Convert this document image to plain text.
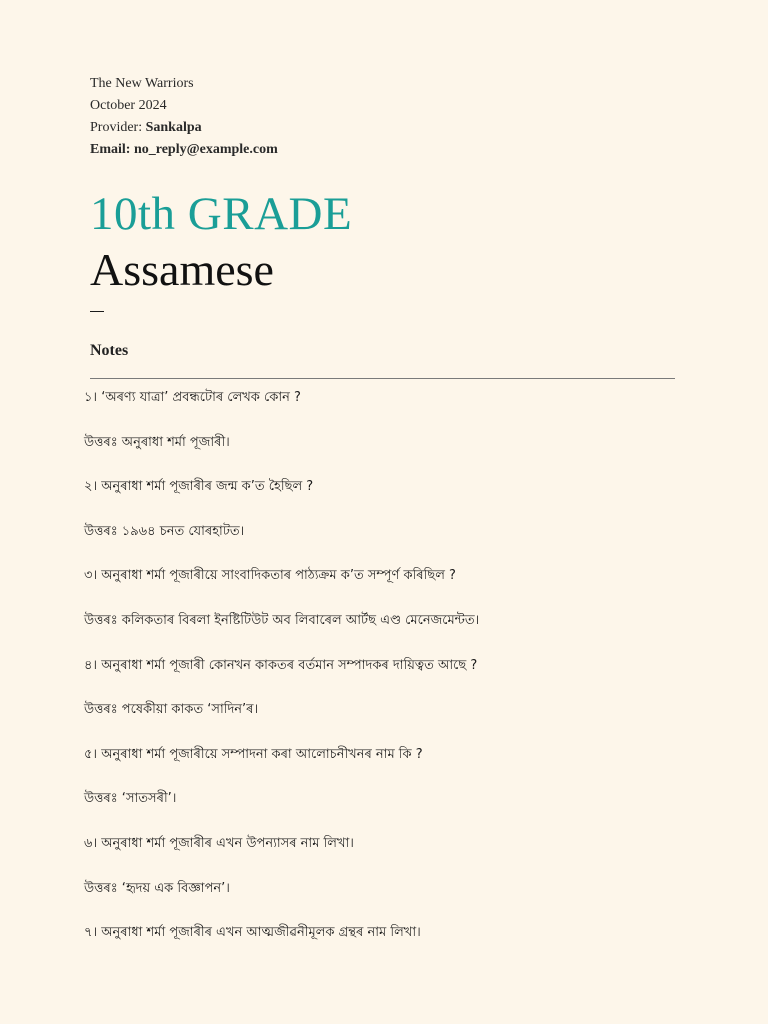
The New Warriors
October 2024
Provider: Sankalpa
Email: no_reply@example.com
10th GRADE
Assamese
Notes
১। ‘অৰণ্য যাত্ৰা’ প্ৰবন্ধটোৰ লেখক কোন ?
উত্তৰঃ অনুৰাধা শৰ্মা পূজাৰী।
২। অনুৰাধা শৰ্মা পূজাৰীৰ জন্ম ক’ত হৈছিল ?
উত্তৰঃ ১৯৬৪ চনত যোৰহাটত।
৩। অনুৰাধা শৰ্মা পূজাৰীয়ে সাংবাদিকতাৰ পাঠ্যক্ৰম ক’ত সম্পূৰ্ণ কৰিছিল ?
উত্তৰঃ কলিকতাৰ বিৰলা ইনষ্টিটিউট অব লিবাৰেল আৰ্টছ এণ্ড মেনেজমেন্টত।
৪। অনুৰাধা শৰ্মা পূজাৰী কোনখন কাকতৰ বৰ্তমান সম্পাদকৰ দায়িত্বত আছে ?
উত্তৰঃ পষেকীয়া কাকত ‘সাদিন’ৰ।
৫। অনুৰাধা শৰ্মা পূজাৰীয়ে সম্পাদনা কৰা আলোচনীখনৰ নাম কি ?
উত্তৰঃ ‘সাতসৰী’।
৬। অনুৰাধা শৰ্মা পূজাৰীৰ এখন উপন্যাসৰ নাম লিখা।
উত্তৰঃ ‘হৃদয় এক বিজ্ঞাপন’।
৭। অনুৰাধা শৰ্মা পূজাৰীৰ এখন আত্মজীৱনীমূলক গ্ৰন্থৰ নাম লিখা।
